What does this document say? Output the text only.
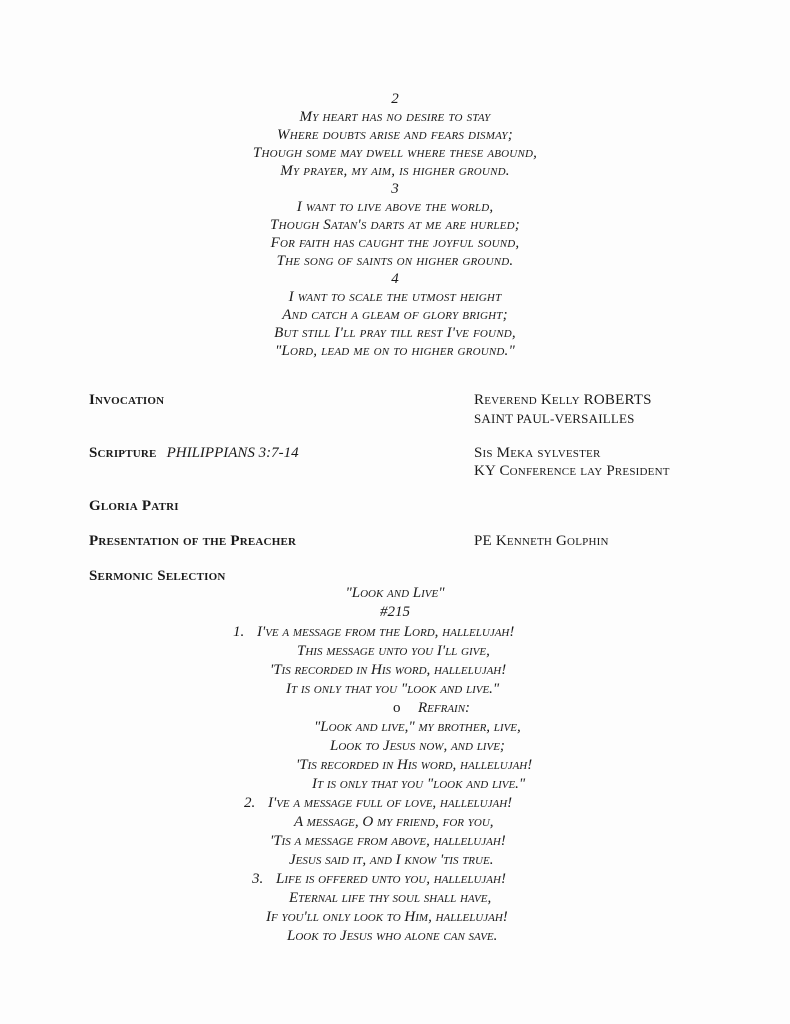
2
My heart has no desire to stay
Where doubts arise and fears dismay;
Though some may dwell where these abound,
My prayer, my aim, is higher ground.
3
I want to live above the world,
Though Satan's darts at me are hurled;
For faith has caught the joyful sound,
The song of saints on higher ground.
4
I want to scale the utmost height
And catch a gleam of glory bright;
But still I'll pray till rest I've found,
"Lord, lead me on to higher ground."
Invocation	Reverend Kelly ROBERTS
SAINT PAUL-VERSAILLES
Scripture PHILIPPIANS 3:7-14	Sis Meka sylvester
KY Conference lay President
Gloria Patri
Presentation of the Preacher	PE Kenneth Golphin
Sermonic Selection
"Look and Live"
#215
1. I've a message from the Lord, hallelujah!
This message unto you I'll give,
'Tis recorded in His word, hallelujah!
It is only that you "look and live."
o Refrain:
"Look and live," my brother, live,
Look to Jesus now, and live;
'Tis recorded in His word, hallelujah!
It is only that you "look and live."
2. I've a message full of love, hallelujah!
A message, O my friend, for you,
'Tis a message from above, hallelujah!
Jesus said it, and I know 'tis true.
3. Life is offered unto you, hallelujah!
Eternal life thy soul shall have,
If you'll only look to Him, hallelujah!
Look to Jesus who alone can save.
